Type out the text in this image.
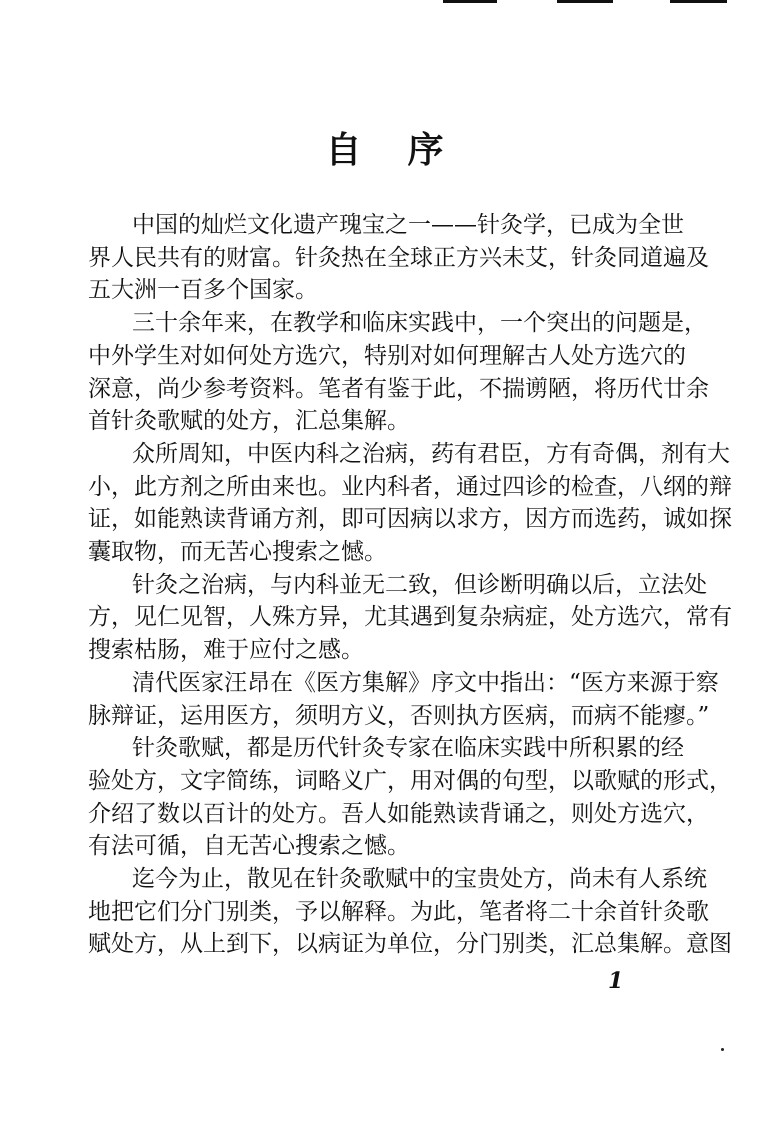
自序
中国的灿烂文化遗产瑰宝之一——针灸学，已成为全世
界人民共有的财富。针灸热在全球正方兴未艾，针灸同道遍及
五大洲一百多个国家。
三十余年来，在教学和临床实践中，一个突出的问题是，
中外学生对如何处方选穴，特别对如何理解古人处方选穴的
深意，尚少参考资料。笔者有鉴于此，不揣谫陋，将历代廿余
首针灸歌赋的处方，汇总集解。
众所周知，中医内科之治病，药有君臣，方有奇偶，剂有大
小，此方剂之所由来也。业内科者，通过四诊的检查，八纲的辩
证，如能熟读背诵方剂，即可因病以求方，因方而选药，诚如探
囊取物，而无苦心搜索之憾。
针灸之治病，与内科並无二致，但诊断明确以后，立法处
方，见仁见智，人殊方异，尤其遇到复杂病症，处方选穴，常有
搜索枯肠，难于应付之感。
清代医家汪昂在《医方集解》序文中指出：“医方来源于察
脉辩证，运用医方，须明方义，否则执方医病，而病不能瘳。”
针灸歌赋，都是历代针灸专家在临床实践中所积累的经
验处方，文字简练，词略义广，用对偶的句型，以歌赋的形式，
介绍了数以百计的处方。吾人如能熟读背诵之，则处方选穴，
有法可循，自无苦心搜索之憾。
迄今为止，散见在针灸歌赋中的宝贵处方，尚未有人系统
地把它们分门别类，予以解释。为此，笔者将二十余首针灸歌
赋处方，从上到下，以病证为单位，分门别类，汇总集解。意图
1
